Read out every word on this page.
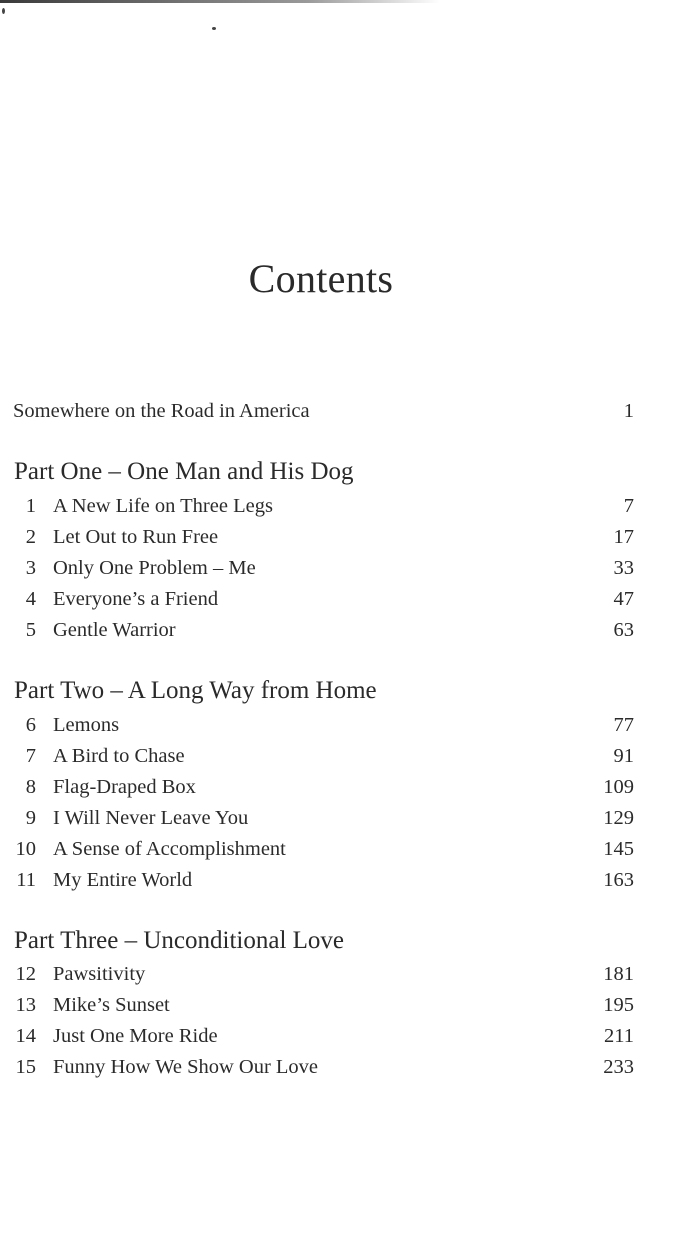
Contents
Somewhere on the Road in America	1
Part One – One Man and His Dog
1 A New Life on Three Legs	7
2 Let Out to Run Free	17
3 Only One Problem – Me	33
4 Everyone’s a Friend	47
5 Gentle Warrior	63
Part Two – A Long Way from Home
6 Lemons	77
7 A Bird to Chase	91
8 Flag-Draped Box	109
9 I Will Never Leave You	129
10 A Sense of Accomplishment	145
11 My Entire World	163
Part Three – Unconditional Love
12 Pawsitivity	181
13 Mike’s Sunset	195
14 Just One More Ride	211
15 Funny How We Show Our Love	233
